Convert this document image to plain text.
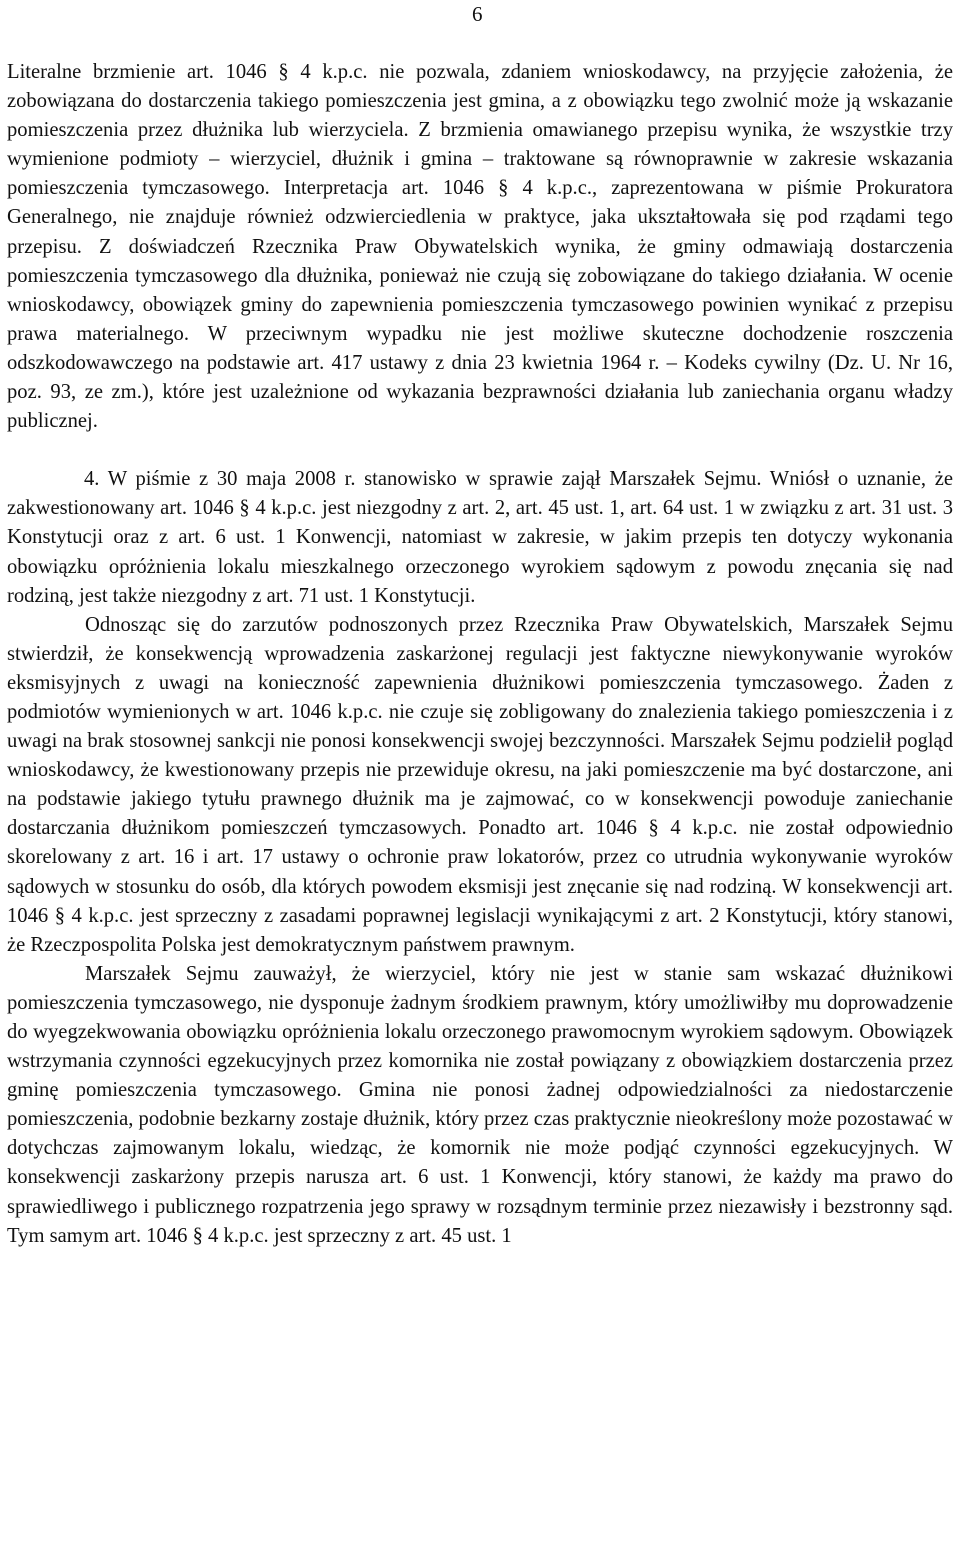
6

Literalne brzmienie art. 1046 § 4 k.p.c. nie pozwala, zdaniem wnioskodawcy, na przyjęcie założenia, że zobowiązana do dostarczenia takiego pomieszczenia jest gmina, a z obowiązku tego zwolnić może ją wskazanie pomieszczenia przez dłużnika lub wierzyciela. Z brzmienia omawianego przepisu wynika, że wszystkie trzy wymienione podmioty – wierzyciel, dłużnik i gmina – traktowane są równoprawnie w zakresie wskazania pomieszczenia tymczasowego. Interpretacja art. 1046 § 4 k.p.c., zaprezentowana w piśmie Prokuratora Generalnego, nie znajduje również odzwierciedlenia w praktyce, jaka ukształtowała się pod rządami tego przepisu. Z doświadczeń Rzecznika Praw Obywatelskich wynika, że gminy odmawiają dostarczenia pomieszczenia tymczasowego dla dłużnika, ponieważ nie czują się zobowiązane do takiego działania. W ocenie wnioskodawcy, obowiązek gminy do zapewnienia pomieszczenia tymczasowego powinien wynikać z przepisu prawa materialnego. W przeciwnym wypadku nie jest możliwe skuteczne dochodzenie roszczenia odszkodowawczego na podstawie art. 417 ustawy z dnia 23 kwietnia 1964 r. – Kodeks cywilny (Dz. U. Nr 16, poz. 93, ze zm.), które jest uzależnione od wykazania bezprawności działania lub zaniechania organu władzy publicznej.

4. W piśmie z 30 maja 2008 r. stanowisko w sprawie zajął Marszałek Sejmu. Wniósł o uznanie, że zakwestionowany art. 1046 § 4 k.p.c. jest niezgodny z art. 2, art. 45 ust. 1, art. 64 ust. 1 w związku z art. 31 ust. 3 Konstytucji oraz z art. 6 ust. 1 Konwencji, natomiast w zakresie, w jakim przepis ten dotyczy wykonania obowiązku opróżnienia lokalu mieszkalnego orzeczonego wyrokiem sądowym z powodu znęcania się nad rodziną, jest także niezgodny z art. 71 ust. 1 Konstytucji.

Odnosząc się do zarzutów podnoszonych przez Rzecznika Praw Obywatelskich, Marszałek Sejmu stwierdził, że konsekwencją wprowadzenia zaskarżonej regulacji jest faktyczne niewykonywanie wyroków eksmisyjnych z uwagi na konieczność zapewnienia dłużnikowi pomieszczenia tymczasowego. Żaden z podmiotów wymienionych w art. 1046 k.p.c. nie czuje się zobligowany do znalezienia takiego pomieszczenia i z uwagi na brak stosownej sankcji nie ponosi konsekwencji swojej bezczynności. Marszałek Sejmu podzielił pogląd wnioskodawcy, że kwestionowany przepis nie przewiduje okresu, na jaki pomieszczenie ma być dostarczone, ani na podstawie jakiego tytułu prawnego dłużnik ma je zajmować, co w konsekwencji powoduje zaniechanie dostarczania dłużnikom pomieszczeń tymczasowych. Ponadto art. 1046 § 4 k.p.c. nie został odpowiednio skorelowany z art. 16 i art. 17 ustawy o ochronie praw lokatorów, przez co utrudnia wykonywanie wyroków sądowych w stosunku do osób, dla których powodem eksmisji jest znęcanie się nad rodziną. W konsekwencji art. 1046 § 4 k.p.c. jest sprzeczny z zasadami poprawnej legislacji wynikającymi z art. 2 Konstytucji, który stanowi, że Rzeczpospolita Polska jest demokratycznym państwem prawnym.

Marszałek Sejmu zauważył, że wierzyciel, który nie jest w stanie sam wskazać dłużnikowi pomieszczenia tymczasowego, nie dysponuje żadnym środkiem prawnym, który umożliwiłby mu doprowadzenie do wyegzekwowania obowiązku opróżnienia lokalu orzeczonego prawomocnym wyrokiem sądowym. Obowiązek wstrzymania czynności egzekucyjnych przez komornika nie został powiązany z obowiązkiem dostarczenia przez gminę pomieszczenia tymczasowego. Gmina nie ponosi żadnej odpowiedzialności za niedostarczenie pomieszczenia, podobnie bezkarny zostaje dłużnik, który przez czas praktycznie nieokreślony może pozostawać w dotychczas zajmowanym lokalu, wiedząc, że komornik nie może podjąć czynności egzekucyjnych. W konsekwencji zaskarżony przepis narusza art. 6 ust. 1 Konwencji, który stanowi, że każdy ma prawo do sprawiedliwego i publicznego rozpatrzenia jego sprawy w rozsądnym terminie przez niezawisły i bezstronny sąd. Tym samym art. 1046 § 4 k.p.c. jest sprzeczny z art. 45 ust. 1
